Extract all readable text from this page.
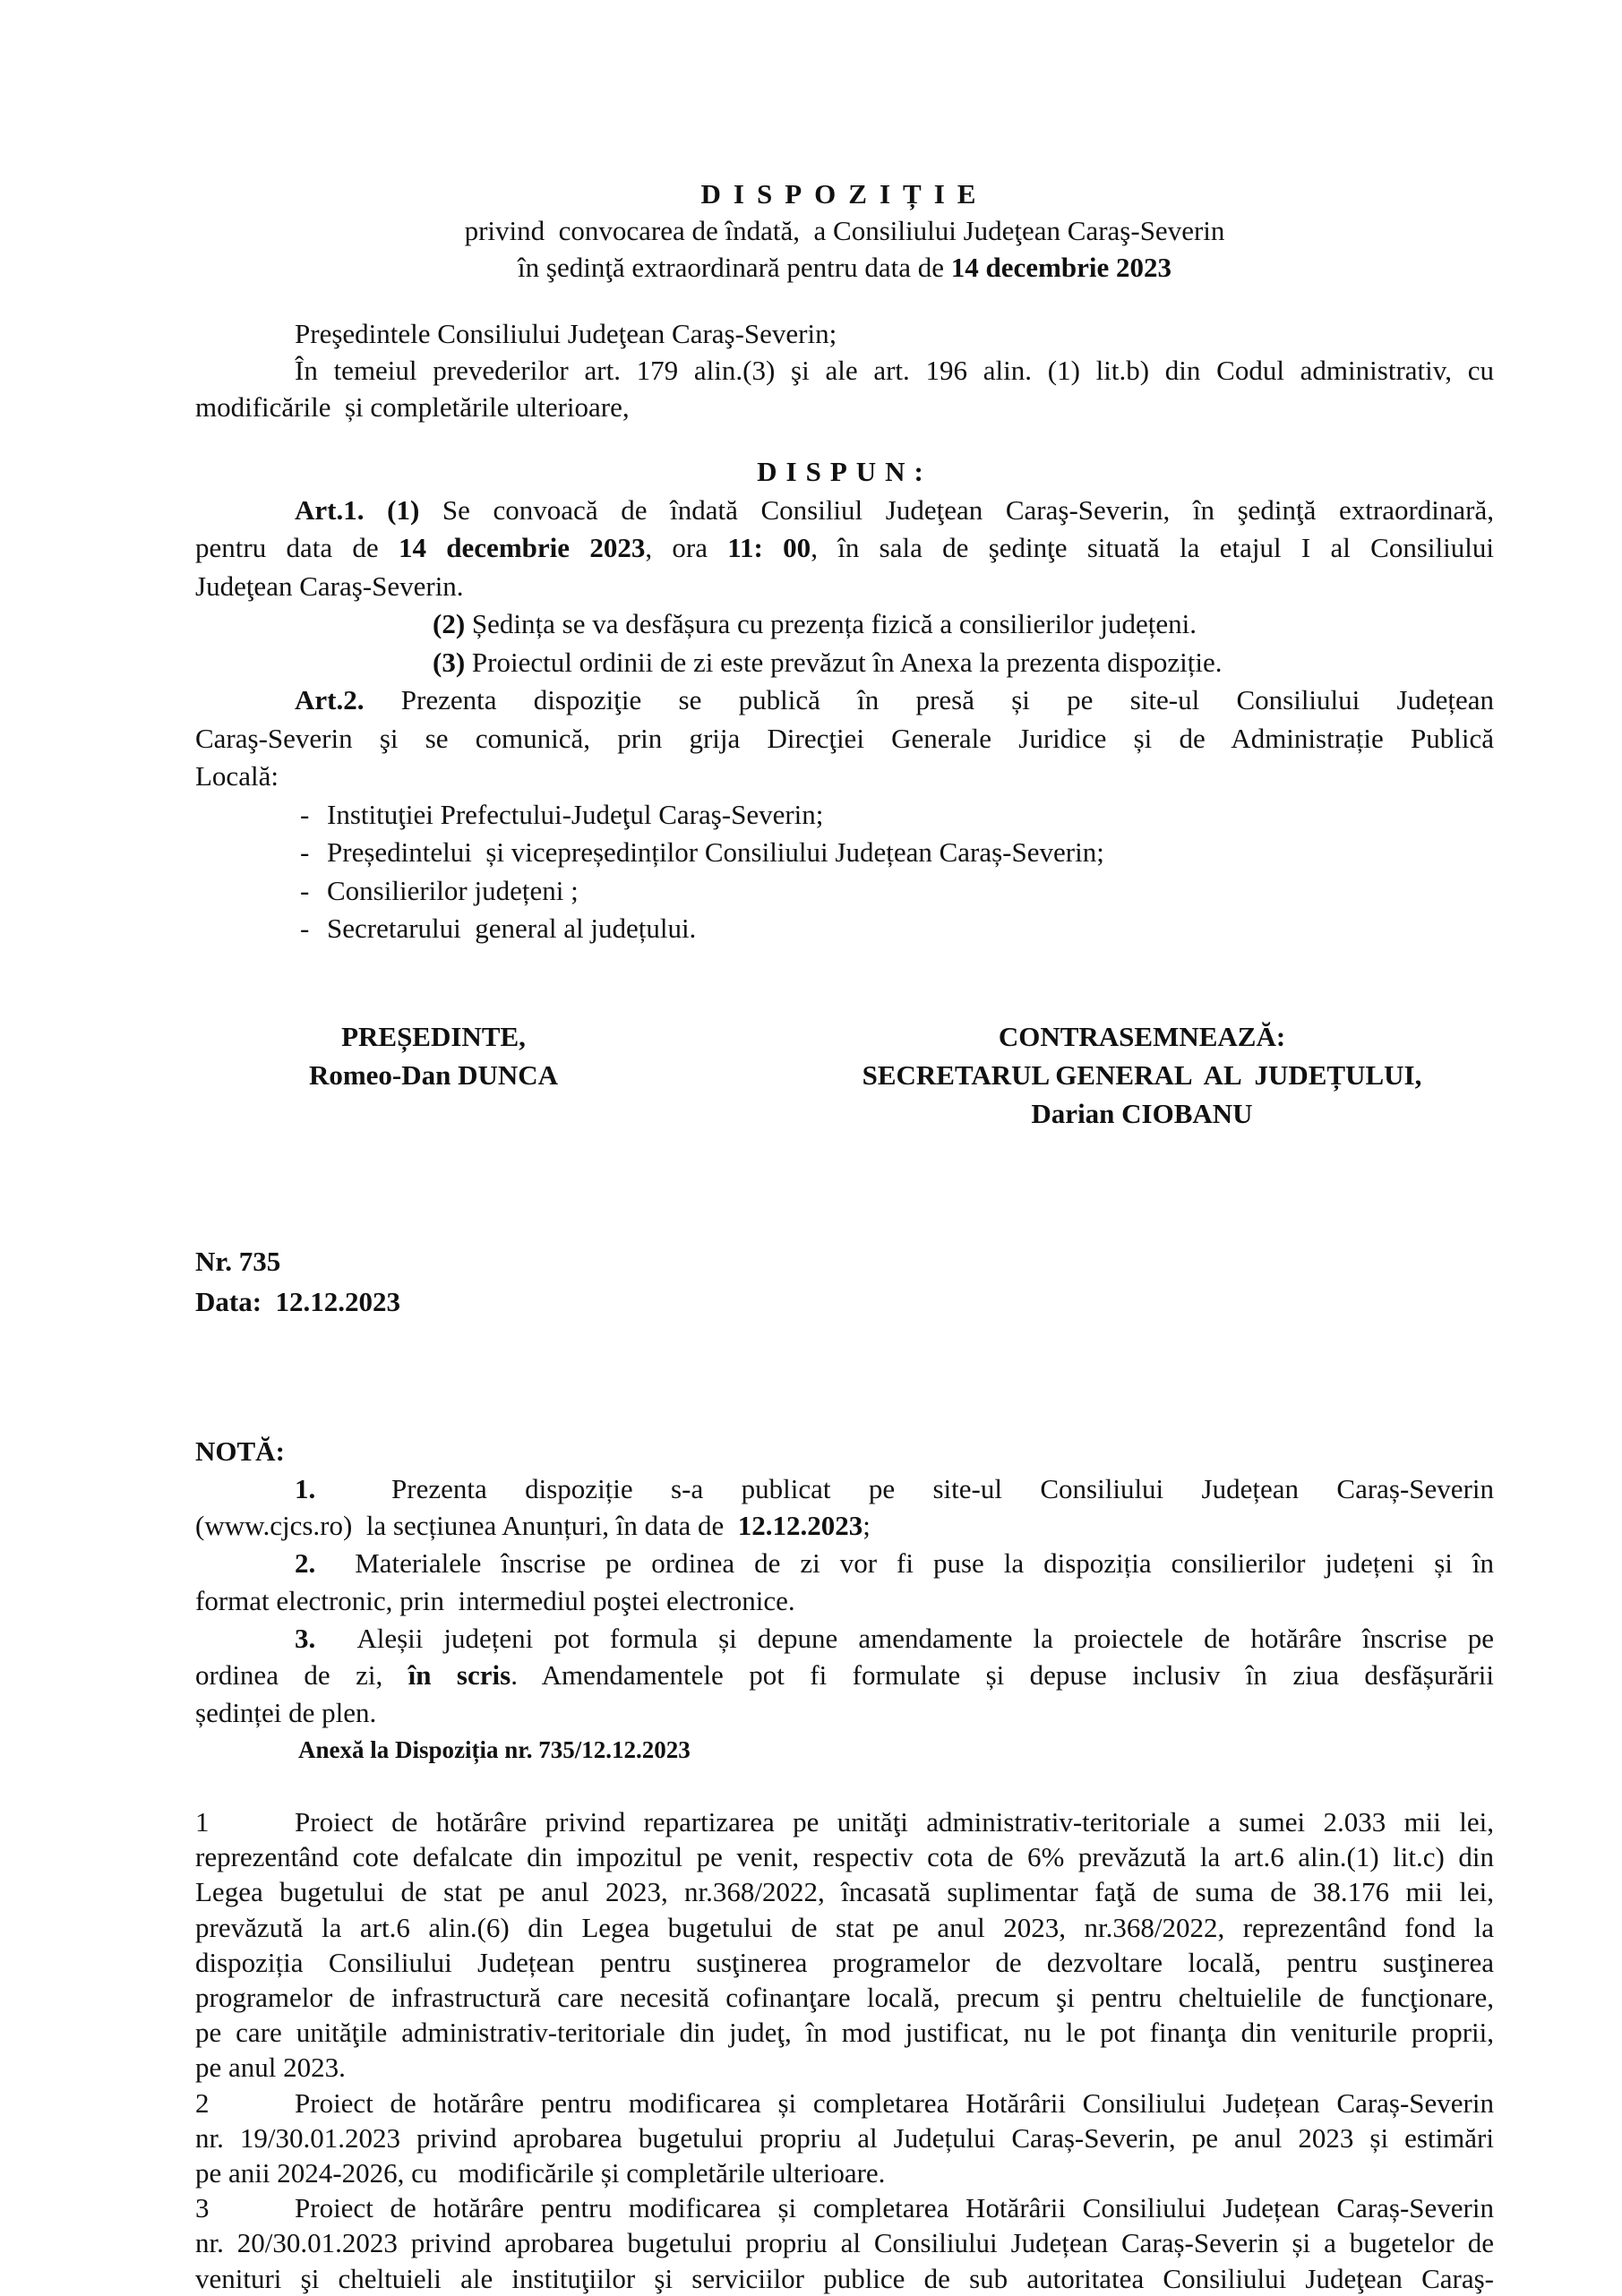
DISPOZIȚIE
privind  convocarea de îndată,  a Consiliului Judeţean Caraş-Severin
în şedinţă extraordinară pentru data de 14 decembrie 2023
Preşedintele Consiliului Judeţean Caraş-Severin;
În temeiul prevederilor art. 179 alin.(3) şi ale art. 196 alin. (1) lit.b) din Codul administrativ, cu
modificările  și completările ulterioare,
DISPUN:
Art.1. (1) Se convoacă de îndată Consiliul Judeţean Caraş-Severin, în şedinţă extraordinară,
pentru data de 14 decembrie 2023, ora 11: 00, în sala de şedinţe situată la etajul I al Consiliului
Judeţean Caraş-Severin.
(2) Ședința se va desfășura cu prezența fizică a consilierilor județeni.
(3) Proiectul ordinii de zi este prevăzut în Anexa la prezenta dispoziție.
Art.2. Prezenta dispoziţie se publică în presă și pe site-ul Consiliului Județean
Caraş-Severin şi se comunică, prin grija Direcţiei Generale Juridice și de Administrație Publică
Locală:
- Instituţiei Prefectului-Judeţul Caraş-Severin;
- Președintelui  și vicepreședinților Consiliului Județean Caraș-Severin;
- Consilierilor județeni ;
- Secretarului  general al județului.
PREȘEDINTE,
Romeo-Dan DUNCA
CONTRASEMNEAZĂ:
SECRETARUL GENERAL  AL  JUDEȚULUI,
Darian CIOBANU
Nr. 735
Data:  12.12.2023
NOTĂ:
1.	Prezenta dispoziție s-a publicat pe site-ul Consiliului Județean Caraș-Severin
(www.cjcs.ro)  la secțiunea Anunțuri, în data de  12.12.2023;
2. Materialele înscrise pe ordinea de zi vor fi puse la dispoziția consilierilor județeni și în
format electronic, prin  intermediul poştei electronice.
3. Aleșii județeni pot formula și depune amendamente la proiectele de hotărâre înscrise pe
ordinea de zi, în scris. Amendamentele pot fi formulate și depuse inclusiv în ziua desfășurării
ședinței de plen.
Anexă la Dispoziția nr. 735/12.12.2023
1	Proiect de hotărâre privind repartizarea pe unităţi administrativ-teritoriale a sumei 2.033 mii lei,
reprezentând cote defalcate din impozitul pe venit, respectiv cota de 6% prevăzută la art.6 alin.(1) lit.c) din
Legea bugetului de stat pe anul 2023, nr.368/2022, încasată suplimentar faţă de suma de 38.176 mii lei,
prevăzută la art.6 alin.(6) din Legea bugetului de stat pe anul 2023, nr.368/2022, reprezentând fond la
dispoziția Consiliului Județean pentru susţinerea programelor de dezvoltare locală, pentru susţinerea
programelor de infrastructură care necesită cofinanţare locală, precum şi pentru cheltuielile de funcţionare,
pe care unităţile administrativ-teritoriale din judeţ, în mod justificat, nu le pot finanţa din veniturile proprii,
pe anul 2023.
2	Proiect de hotărâre pentru modificarea și completarea Hotărârii Consiliului Județean Caraș-Severin
nr. 19/30.01.2023 privind aprobarea bugetului propriu al Județului Caraș-Severin, pe anul 2023 și estimări
pe anii 2024-2026, cu   modificările și completările ulterioare.
3	Proiect de hotărâre pentru modificarea și completarea Hotărârii Consiliului Județean Caraș-Severin
nr. 20/30.01.2023 privind aprobarea bugetului propriu al Consiliului Județean Caraș-Severin și a bugetelor de
venituri şi cheltuieli ale instituţiilor şi serviciilor publice de sub autoritatea Consiliului Judeţean Caraş-
